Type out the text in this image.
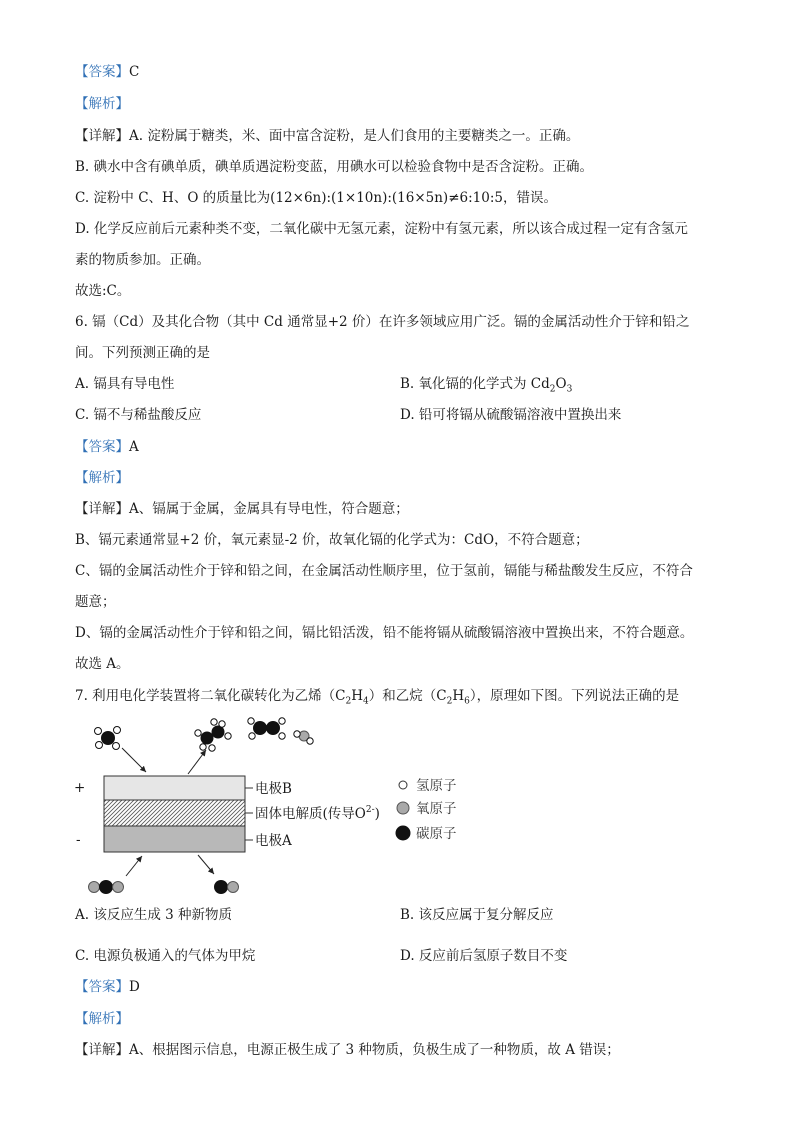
【答案】C
【解析】
【详解】A. 淀粉属于糖类，米、面中富含淀粉，是人们食用的主要糖类之一。正确。
B. 碘水中含有碘单质，碘单质遇淀粉变蓝，用碘水可以检验食物中是否含淀粉。正确。
C. 淀粉中 C、H、O 的质量比为(12×6n):(1×10n):(16×5n)≠6:10:5，错误。
D. 化学反应前后元素种类不变，二氧化碳中无氢元素，淀粉中有氢元素，所以该合成过程一定有含氢元
素的物质参加。正确。
故选:C。
6. 镉（Cd）及其化合物（其中 Cd 通常显+2 价）在许多领域应用广泛。镉的金属活动性介于锌和铅之
间。下列预测正确的是
A. 镉具有导电性	B. 氧化镉的化学式为 $Cd_2O_3$
C. 镉不与稀盐酸反应	D. 铅可将镉从硫酸镉溶液中置换出来
【答案】A
【解析】
【详解】A、镉属于金属，金属具有导电性，符合题意；
B、镉元素通常显+2 价，氧元素显-2 价，故氧化镉的化学式为：CdO，不符合题意；
C、镉的金属活动性介于锌和铅之间，在金属活动性顺序里，位于氢前，镉能与稀盐酸发生反应，不符合
题意；
D、镉的金属活动性介于锌和铅之间，镉比铅活泼，铅不能将镉从硫酸镉溶液中置换出来，不符合题意。
故选 A。
7. 利用电化学装置将二氧化碳转化为乙烯$(C_2H_4)$和乙烷$(C_2H_6)$，原理如下图。下列说法正确的是
+
-
电极B
固体电解质(传导$O^{2-}$)
电极A
氢原子
氧原子
碳原子
A. 该反应生成 3 种新物质	B. 该反应属于复分解反应
C. 电源负极通入的气体为甲烷	D. 反应前后氢原子数目不变
【答案】D
【解析】
【详解】A、根据图示信息，电源正极生成了 3 种物质，负极生成了一种物质，故 A 错误；
